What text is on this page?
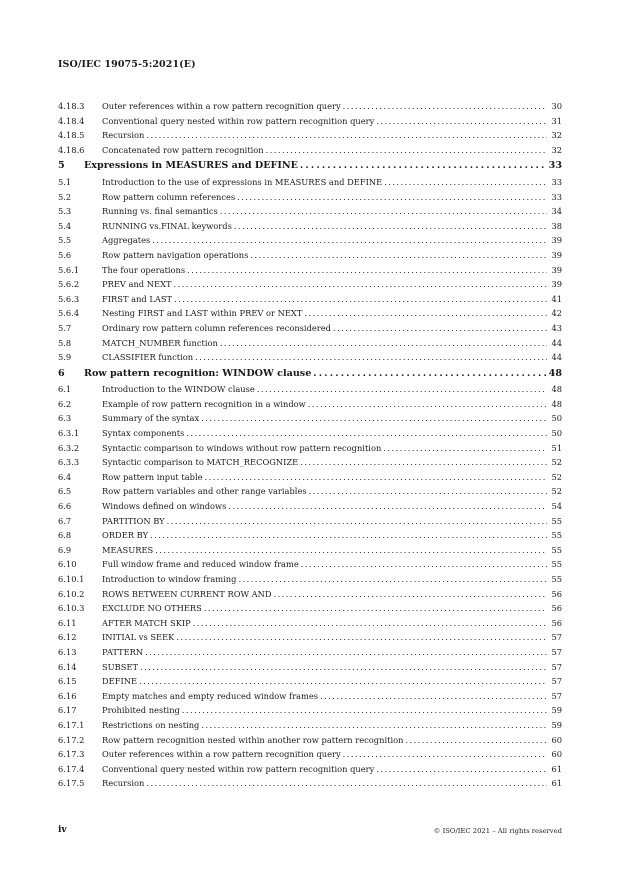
ISO/IEC 19075-5:2021(E)
4.18.3	Outer references within a row pattern recognition query . . .	30
4.18.4	Conventional query nested within row pattern recognition query . . .	31
4.18.5	Recursion . . .	32
4.18.6	Concatenated row pattern recognition . . .	32
5	Expressions in MEASURES and DEFINE . . .	33
5.1	Introduction to the use of expressions in MEASURES and DEFINE . . .	33
5.2	Row pattern column references . . .	33
5.3	Running vs. final semantics . . .	34
5.4	RUNNING vs.FINAL keywords . . .	38
5.5	Aggregates . . .	39
5.6	Row pattern navigation operations . . .	39
5.6.1	The four operations . . .	39
5.6.2	PREV and NEXT . . .	39
5.6.3	FIRST and LAST . . .	41
5.6.4	Nesting FIRST and LAST within PREV or NEXT . . .	42
5.7	Ordinary row pattern column references reconsidered . . .	43
5.8	MATCH_NUMBER function . . .	44
5.9	CLASSIFIER function . . .	44
6	Row pattern recognition: WINDOW clause . . .	48
6.1	Introduction to the WINDOW clause . . .	48
6.2	Example of row pattern recognition in a window . . .	48
6.3	Summary of the syntax . . .	50
6.3.1	Syntax components . . .	50
6.3.2	Syntactic comparison to windows without row pattern recognition . . .	51
6.3.3	Syntactic comparison to MATCH_RECOGNIZE . . .	52
6.4	Row pattern input table . . .	52
6.5	Row pattern variables and other range variables . . .	52
6.6	Windows defined on windows . . .	54
6.7	PARTITION BY . . .	55
6.8	ORDER BY . . .	55
6.9	MEASURES . . .	55
6.10	Full window frame and reduced window frame . . .	55
6.10.1	Introduction to window framing . . .	55
6.10.2	ROWS BETWEEN CURRENT ROW AND . . .	56
6.10.3	EXCLUDE NO OTHERS . . .	56
6.11	AFTER MATCH SKIP . . .	56
6.12	INITIAL vs SEEK . . .	57
6.13	PATTERN . . .	57
6.14	SUBSET . . .	57
6.15	DEFINE . . .	57
6.16	Empty matches and empty reduced window frames . . .	57
6.17	Prohibited nesting . . .	59
6.17.1	Restrictions on nesting . . .	59
6.17.2	Row pattern recognition nested within another row pattern recognition . . .	60
6.17.3	Outer references within a row pattern recognition query . . .	60
6.17.4	Conventional query nested within row pattern recognition query . . .	61
6.17.5	Recursion . . .	61
iv	© ISO/IEC 2021 – All rights reserved
